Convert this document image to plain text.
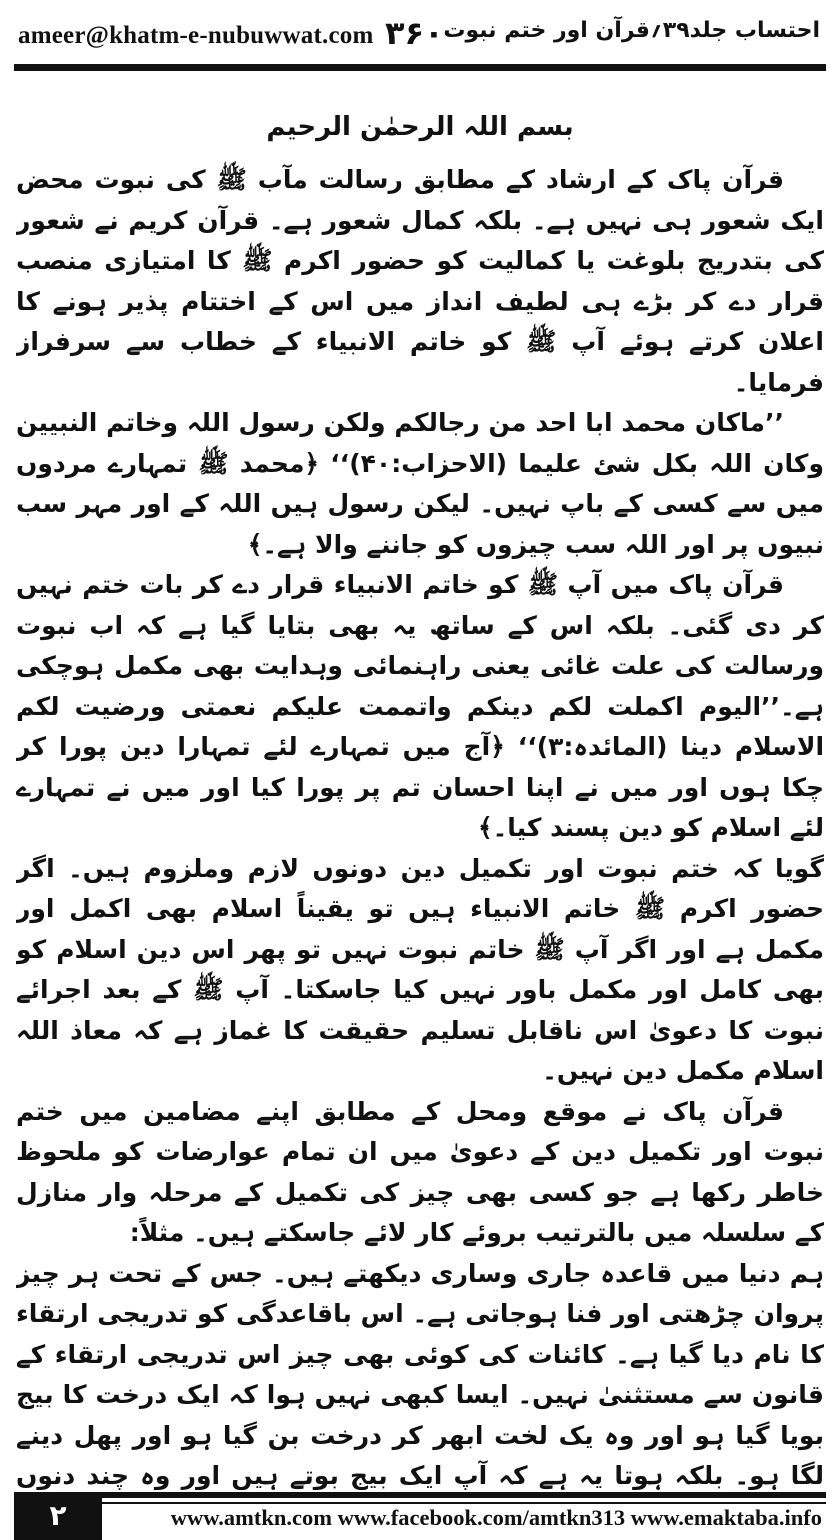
ameer@khatm-e-nubuwwat.com ۳۶۰ احتساب جلد۳۹؍قرآن اور ختم نبوت
بسم اللہ الرحمٰن الرحیم

قرآن پاک کے ارشاد کے مطابق رسالت مآب ﷺ کی نبوت محض ایک شعور ہی نہیں ہے۔ بلکہ کمال شعور ہے۔ قرآن کریم نے شعور کی بتدریج بلوغت یا کمالیت کو حضور اکرم ﷺ کا امتیازی منصب قرار دے کر بڑے ہی لطیف انداز میں اس کے اختتام پذیر ہونے کا اعلان کرتے ہوئے آپ ﷺ کو خاتم الانبیاء کے خطاب سے سرفراز فرمایا۔

’’ماکان محمد ابا احد من رجالکم ولکن رسول اللہ وخاتم النبیین وکان اللہ بکل شئ علیما (الاحزاب:۴۰)‘‘ ﴿محمد ﷺ تمہارے مردوں میں سے کسی کے باپ نہیں۔ لیکن رسول ہیں اللہ کے اور مہر سب نبیوں پر اور اللہ سب چیزوں کو جاننے والا ہے۔﴾

قرآن پاک میں آپ ﷺ کو خاتم الانبیاء قرار دے کر بات ختم نہیں کر دی گئی۔ بلکہ اس کے ساتھ یہ بھی بتایا گیا ہے کہ اب نبوت ورسالت کی علت غائی یعنی راہنمائی وہدایت بھی مکمل ہوچکی ہے۔’’الیوم اکملت لکم دینکم واتممت علیکم نعمتی ورضیت لکم الاسلام دینا (المائدہ:۳)‘‘ ﴿آج میں تمہارے لئے تمہارا دین پورا کر چکا ہوں اور میں نے اپنا احسان تم پر پورا کیا اور میں نے تمہارے لئے اسلام کو دین پسند کیا۔﴾

گویا کہ ختم نبوت اور تکمیل دین دونوں لازم وملزوم ہیں۔ اگر حضور اکرم ﷺ خاتم الانبیاء ہیں تو یقیناً اسلام بھی اکمل اور مکمل ہے اور اگر آپ ﷺ خاتم نبوت نہیں تو پھر اس دین اسلام کو بھی کامل اور مکمل باور نہیں کیا جاسکتا۔ آپ ﷺ کے بعد اجرائے نبوت کا دعویٰ اس ناقابل تسلیم حقیقت کا غماز ہے کہ معاذ اللہ اسلام مکمل دین نہیں۔

قرآن پاک نے موقع ومحل کے مطابق اپنے مضامین میں ختم نبوت اور تکمیل دین کے دعویٰ میں ان تمام عوارضات کو ملحوظ خاطر رکھا ہے جو کسی بھی چیز کی تکمیل کے مرحلہ وار منازل کے سلسلہ میں بالترتیب بروئے کار لائے جاسکتے ہیں۔ مثلاً:

ہم دنیا میں قاعدہ جاری وساری دیکھتے ہیں۔ جس کے تحت ہر چیز پروان چڑھتی اور فنا ہوجاتی ہے۔ اس باقاعدگی کو تدریجی ارتقاء کا نام دیا گیا ہے۔ کائنات کی کوئی بھی چیز اس تدریجی ارتقاء کے قانون سے مستثنیٰ نہیں۔ ایسا کبھی نہیں ہوا کہ ایک درخت کا بیج بویا گیا ہو اور وہ یک لخت ابھر کر درخت بن گیا ہو اور پھل دینے لگا ہو۔ بلکہ ہوتا یہ ہے کہ آپ ایک بیج بوتے ہیں اور وہ چند دنوں

۲	www.amtkn.com www.facebook.com/amtkn313 www.emaktaba.info
